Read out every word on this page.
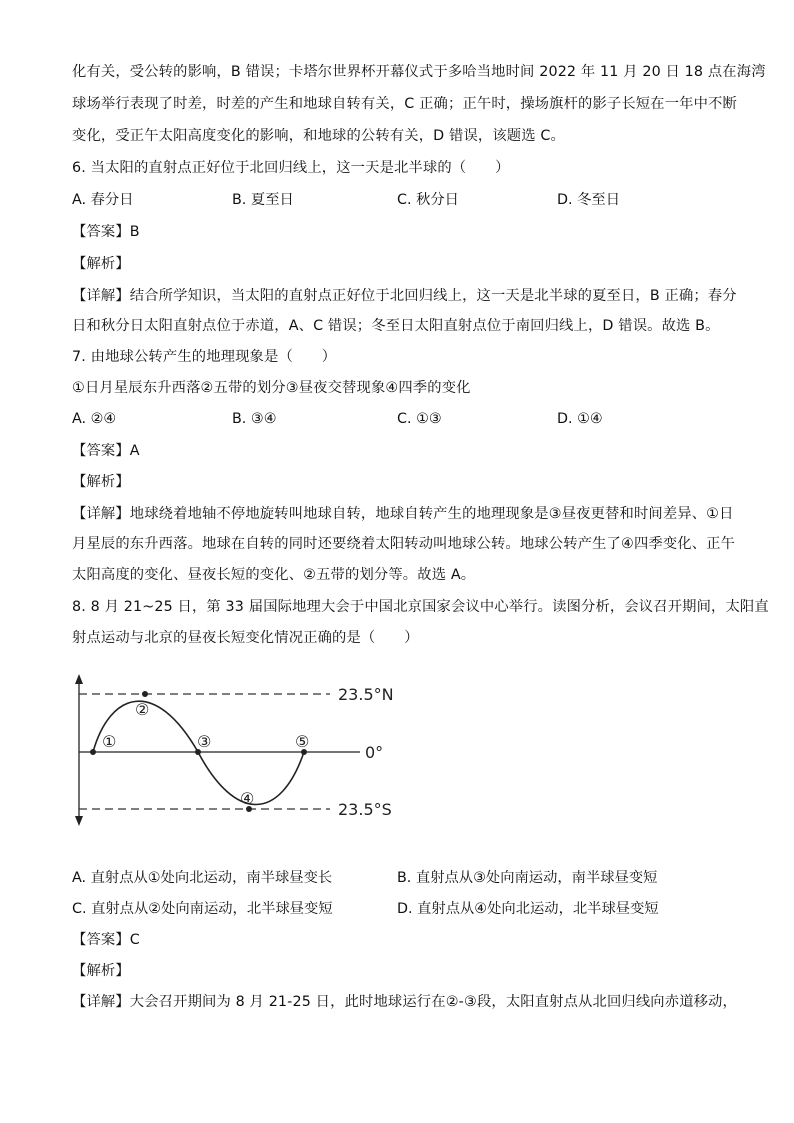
化有关，受公转的影响，B 错误；卡塔尔世界杯开幕仪式于多哈当地时间 2022 年 11 月 20 日 18 点在海湾
球场举行表现了时差，时差的产生和地球自转有关，C 正确；正午时，操场旗杆的影子长短在一年中不断
变化，受正午太阳高度变化的影响，和地球的公转有关，D 错误，该题选 C。
6. 当太阳的直射点正好位于北回归线上，这一天是北半球的（　　）
A. 春分日	B. 夏至日	C. 秋分日	D. 冬至日
【答案】B
【解析】
【详解】结合所学知识，当太阳的直射点正好位于北回归线上，这一天是北半球的夏至日，B 正确；春分
日和秋分日太阳直射点位于赤道，A、C 错误；冬至日太阳直射点位于南回归线上，D 错误。故选 B。
7. 由地球公转产生的地理现象是（　　）
①日月星辰东升西落②五带的划分③昼夜交替现象④四季的变化
A. ②④	B. ③④	C. ①③	D. ①④
【答案】A
【解析】
【详解】地球绕着地轴不停地旋转叫地球自转，地球自转产生的地理现象是③昼夜更替和时间差异、①日
月星辰的东升西落。地球在自转的同时还要绕着太阳转动叫地球公转。地球公转产生了④四季变化、正午
太阳高度的变化、昼夜长短的变化、②五带的划分等。故选 A。
8. 8 月 21~25 日，第 33 届国际地理大会于中国北京国家会议中心举行。读图分析，会议召开期间，太阳直
射点运动与北京的昼夜长短变化情况正确的是（　　）
23.5°N
0°
23.5°S
①
②
③
④
⑤
A. 直射点从①处向北运动，南半球昼变长	B. 直射点从③处向南运动，南半球昼变短
C. 直射点从②处向南运动，北半球昼变短	D. 直射点从④处向北运动，北半球昼变短
【答案】C
【解析】
【详解】大会召开期间为 8 月 21-25 日，此时地球运行在②-③段，太阳直射点从北回归线向赤道移动，
